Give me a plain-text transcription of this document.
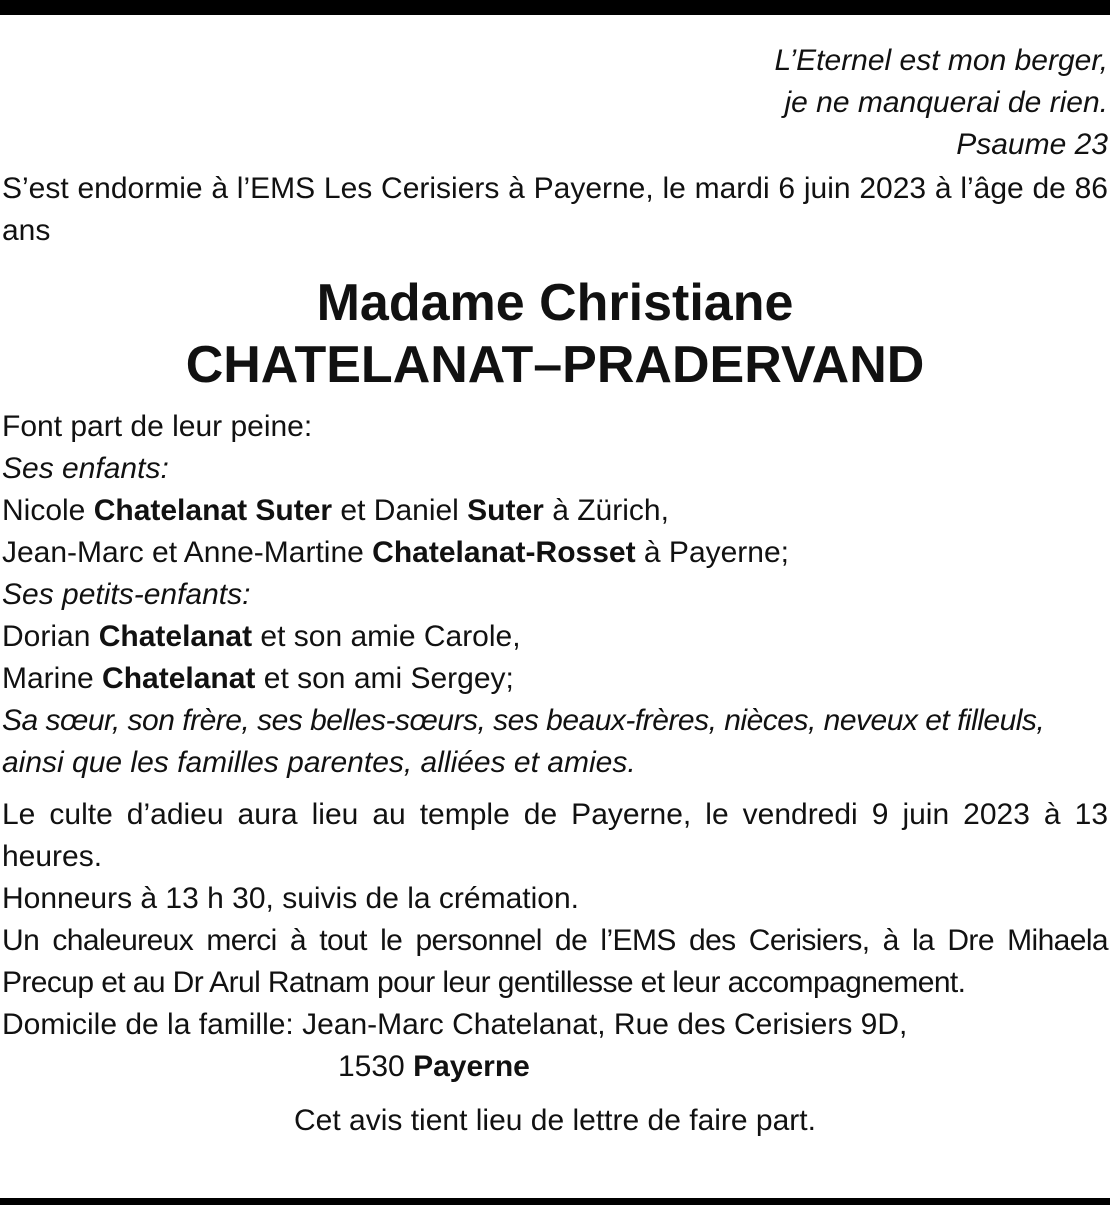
L’Eternel est mon berger,
je ne manquerai de rien.
Psaume 23

S’est endormie à l’EMS Les Cerisiers à Payerne, le mardi 6 juin 2023 à l’âge de 86 ans

Madame Christiane
CHATELANAT–PRADERVAND

Font part de leur peine:

Ses enfants:

Nicole Chatelanat Suter et Daniel Suter à Zürich,

Jean-Marc et Anne-Martine Chatelanat-Rosset à Payerne;

Ses petits-enfants:

Dorian Chatelanat et son amie Carole,

Marine Chatelanat et son ami Sergey;

Sa sœur, son frère, ses belles-sœurs, ses beaux-frères, nièces, neveux et filleuls,

ainsi que les familles parentes, alliées et amies.

Le culte d’adieu aura lieu au temple de Payerne, le vendredi 9 juin 2023 à 13 heures.

Honneurs à 13 h 30, suivis de la crémation.

Un chaleureux merci à tout le personnel de l’EMS des Cerisiers, à la Dre Mihaela Precup et au Dr Arul Ratnam pour leur gentillesse et leur accompagnement.

Domicile de la famille: Jean-Marc Chatelanat, Rue des Cerisiers 9D,

1530 Payerne

Cet avis tient lieu de lettre de faire part.
